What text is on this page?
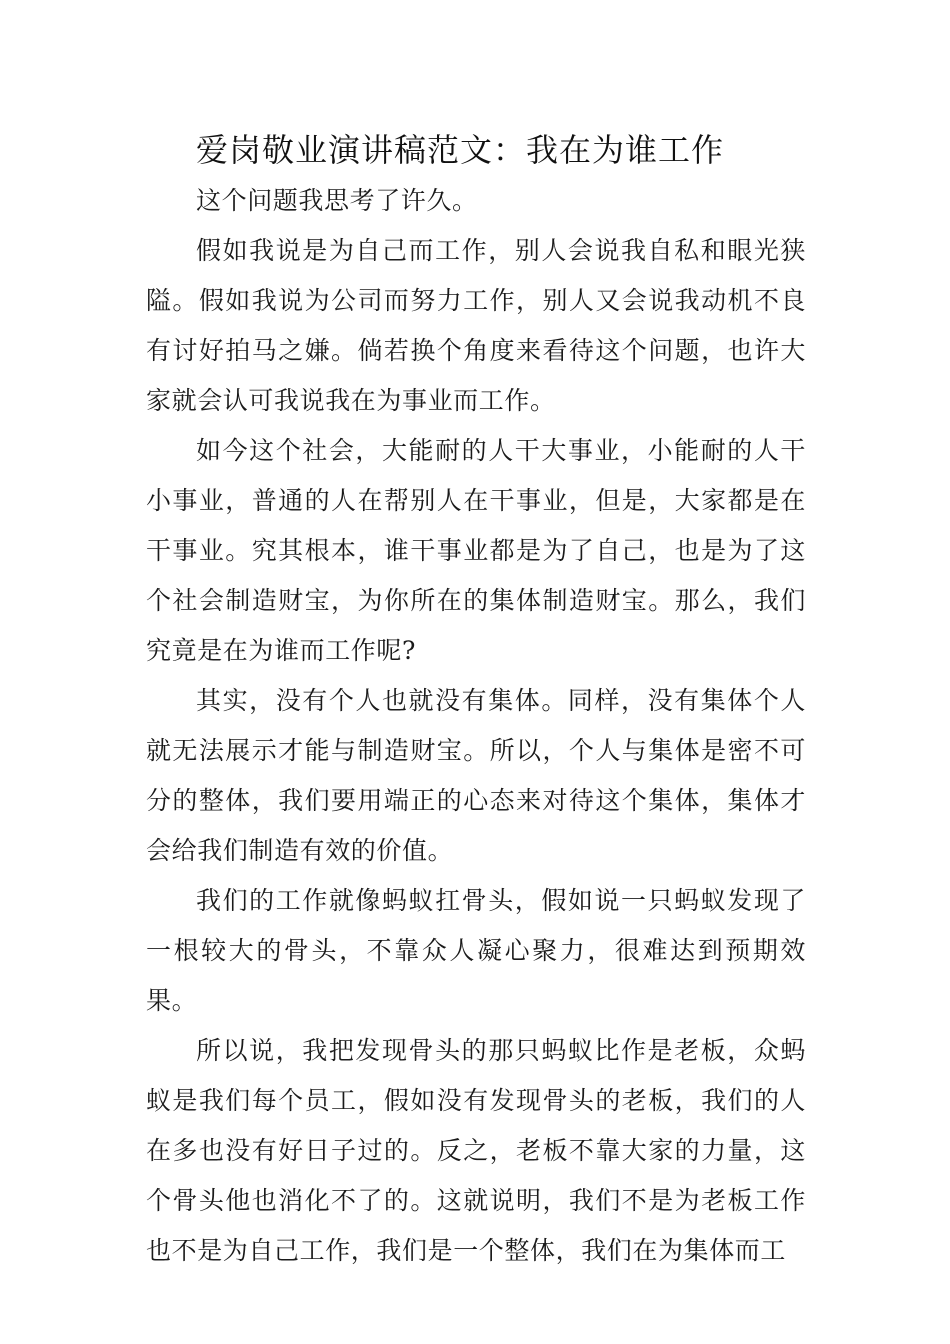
爱岗敬业演讲稿范文：我在为谁工作

这个问题我思考了许久。

假如我说是为自己而工作，别人会说我自私和眼光狭隘。假如我说为公司而努力工作，别人又会说我动机不良有讨好拍马之嫌。倘若换个角度来看待这个问题，也许大家就会认可我说我在为事业而工作。

如今这个社会，大能耐的人干大事业，小能耐的人干小事业，普通的人在帮别人在干事业，但是，大家都是在干事业。究其根本，谁干事业都是为了自己，也是为了这个社会制造财宝，为你所在的集体制造财宝。那么，我们究竟是在为谁而工作呢?

其实，没有个人也就没有集体。同样，没有集体个人就无法展示才能与制造财宝。所以，个人与集体是密不可分的整体，我们要用端正的心态来对待这个集体，集体才会给我们制造有效的价值。

我们的工作就像蚂蚁扛骨头，假如说一只蚂蚁发现了一根较大的骨头，不靠众人凝心聚力，很难达到预期效果。

所以说，我把发现骨头的那只蚂蚁比作是老板，众蚂蚁是我们每个员工，假如没有发现骨头的老板，我们的人在多也没有好日子过的。反之，老板不靠大家的力量，这个骨头他也消化不了的。这就说明，我们不是为老板工作也不是为自己工作，我们是一个整体，我们在为集体而工
